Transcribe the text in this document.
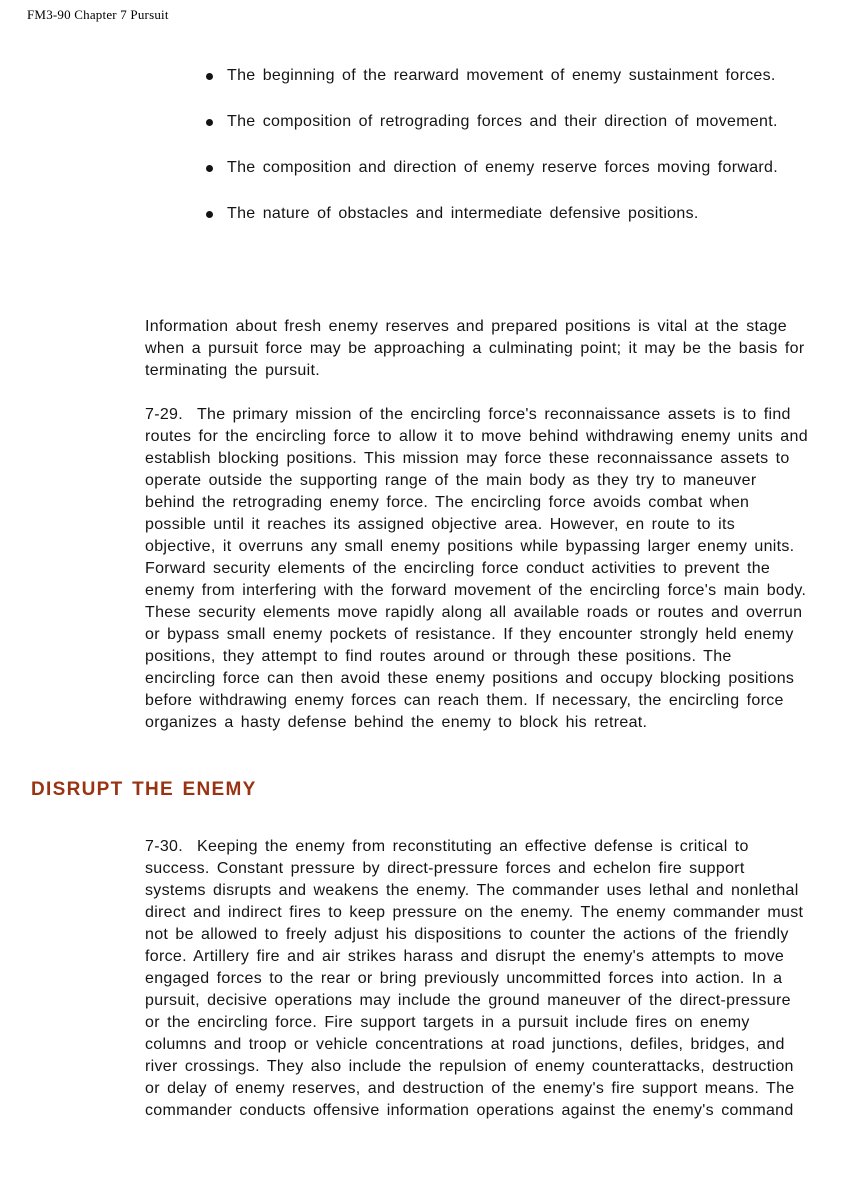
FM3-90 Chapter 7 Pursuit
The beginning of the rearward movement of enemy sustainment forces.
The composition of retrograding forces and their direction of movement.
The composition and direction of enemy reserve forces moving forward.
The nature of obstacles and intermediate defensive positions.

Information about fresh enemy reserves and prepared positions is vital at the stage when a pursuit force may be approaching a culminating point; it may be the basis for terminating the pursuit.

7-29. The primary mission of the encircling force's reconnaissance assets is to find routes for the encircling force to allow it to move behind withdrawing enemy units and establish blocking positions. This mission may force these reconnaissance assets to operate outside the supporting range of the main body as they try to maneuver behind the retrograding enemy force. The encircling force avoids combat when possible until it reaches its assigned objective area. However, en route to its objective, it overruns any small enemy positions while bypassing larger enemy units. Forward security elements of the encircling force conduct activities to prevent the enemy from interfering with the forward movement of the encircling force's main body. These security elements move rapidly along all available roads or routes and overrun or bypass small enemy pockets of resistance. If they encounter strongly held enemy positions, they attempt to find routes around or through these positions. The encircling force can then avoid these enemy positions and occupy blocking positions before withdrawing enemy forces can reach them. If necessary, the encircling force organizes a hasty defense behind the enemy to block his retreat.

DISRUPT THE ENEMY

7-30. Keeping the enemy from reconstituting an effective defense is critical to success. Constant pressure by direct-pressure forces and echelon fire support systems disrupts and weakens the enemy. The commander uses lethal and nonlethal direct and indirect fires to keep pressure on the enemy. The enemy commander must not be allowed to freely adjust his dispositions to counter the actions of the friendly force. Artillery fire and air strikes harass and disrupt the enemy's attempts to move engaged forces to the rear or bring previously uncommitted forces into action. In a pursuit, decisive operations may include the ground maneuver of the direct-pressure or the encircling force. Fire support targets in a pursuit include fires on enemy columns and troop or vehicle concentrations at road junctions, defiles, bridges, and river crossings. They also include the repulsion of enemy counterattacks, destruction or delay of enemy reserves, and destruction of the enemy's fire support means. The commander conducts offensive information operations against the enemy's command
